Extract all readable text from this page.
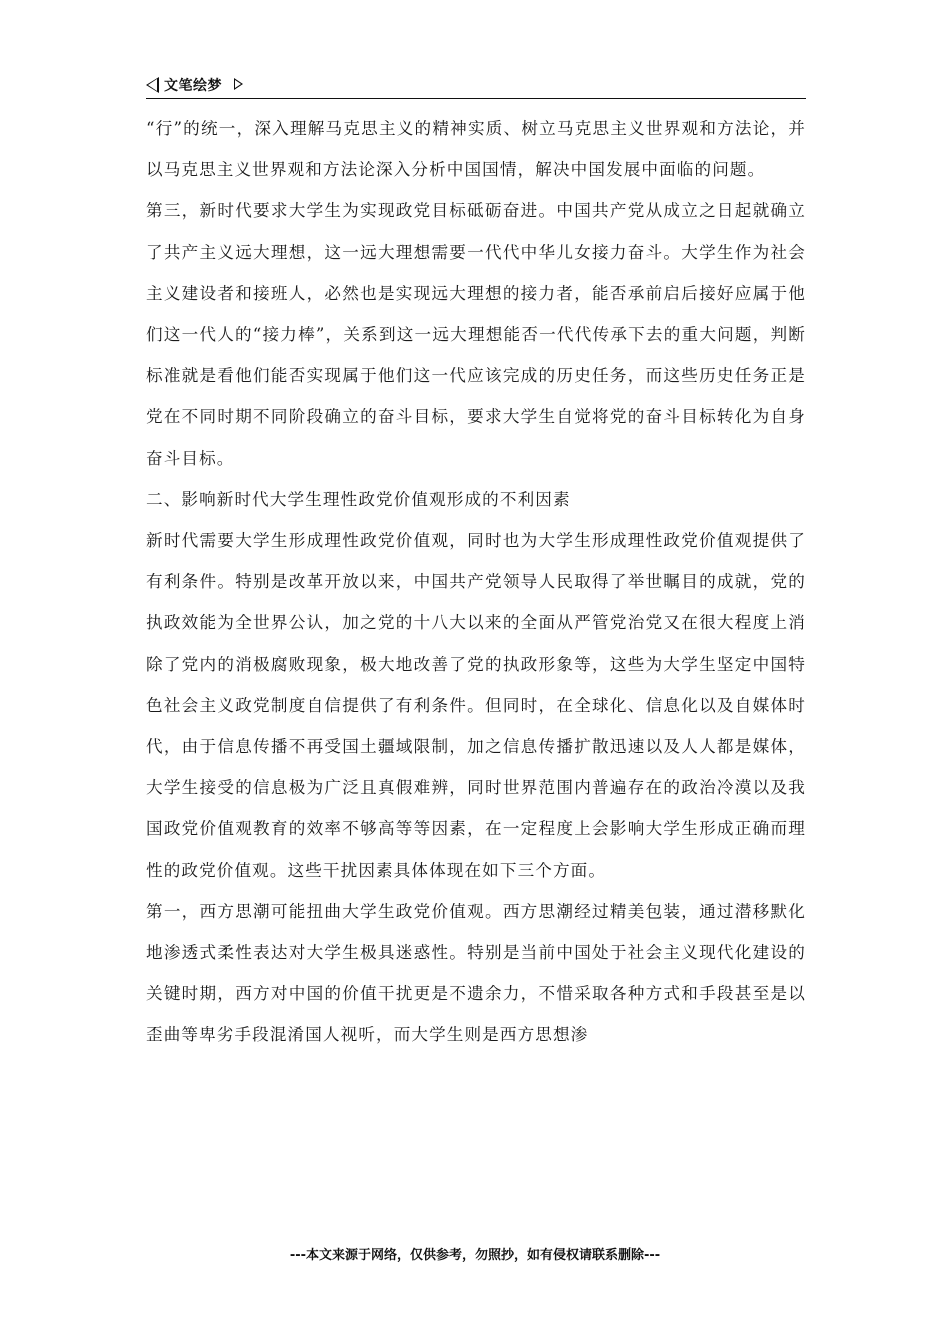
文笔绘梦

“行”的统一，深入理解马克思主义的精神实质、树立马克思主义世界观和方法论，并以马克思主义世界观和方法论深入分析中国国情，解决中国发展中面临的问题。

第三，新时代要求大学生为实现政党目标砥砺奋进。中国共产党从成立之日起就确立了共产主义远大理想，这一远大理想需要一代代中华儿女接力奋斗。大学生作为社会主义建设者和接班人，必然也是实现远大理想的接力者，能否承前启后接好应属于他们这一代人的“接力棒”，关系到这一远大理想能否一代代传承下去的重大问题，判断标准就是看他们能否实现属于他们这一代应该完成的历史任务，而这些历史任务正是党在不同时期不同阶段确立的奋斗目标，要求大学生自觉将党的奋斗目标转化为自身奋斗目标。

二、影响新时代大学生理性政党价值观形成的不利因素

新时代需要大学生形成理性政党价值观，同时也为大学生形成理性政党价值观提供了有利条件。特别是改革开放以来，中国共产党领导人民取得了举世瞩目的成就，党的执政效能为全世界公认，加之党的十八大以来的全面从严管党治党又在很大程度上消除了党内的消极腐败现象，极大地改善了党的执政形象等，这些为大学生坚定中国特色社会主义政党制度自信提供了有利条件。但同时，在全球化、信息化以及自媒体时代，由于信息传播不再受国土疆域限制，加之信息传播扩散迅速以及人人都是媒体，大学生接受的信息极为广泛且真假难辨，同时世界范围内普遍存在的政治冷漠以及我国政党价值观教育的效率不够高等等因素，在一定程度上会影响大学生形成正确而理性的政党价值观。这些干扰因素具体体现在如下三个方面。

第一，西方思潮可能扭曲大学生政党价值观。西方思潮经过精美包装，通过潜移默化地渗透式柔性表达对大学生极具迷惑性。特别是当前中国处于社会主义现代化建设的关键时期，西方对中国的价值干扰更是不遗余力，不惜采取各种方式和手段甚至是以歪曲等卑劣手段混淆国人视听，而大学生则是西方思想渗

---本文来源于网络，仅供参考，勿照抄，如有侵权请联系删除---
